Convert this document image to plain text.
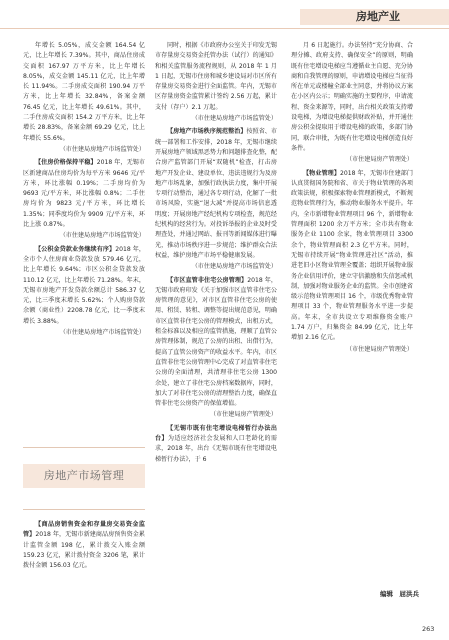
房地产业

年增长 5.05%，成交金额 164.54 亿元，比上年增长 7.39%。其中，商品住房成交面积 167.97 万平方米，比上年增长 8.05%，成交金额 145.11 亿元，比上年增长 11.94%。二手房成交面积 190.94 万平方米，比上年增长 32.84%，备案金额 76.45 亿元，比上年增长 49.61%。其中，二手住房成交面积 154.2 万平方米，比上年增长 28.83%，备案金额 69.29 亿元，比上年增长 55.6%。

（市住建局房地产市场监管处）

【住房价格保持平稳】2018 年，无锡市区新建商品住房均价为每平方米 9646 元/平方米，环比涨幅 0.19%；二手房均价为 9693 元/平方米，环比涨幅 0.8%；二手住房均价为 9823 元/平方米，环比增长 1.35%；同季度均价为 9909 元/平方米，环比上涨 0.87%。

（市住建局房地产市场监管处）

【公积金贷款业务继续有序】2018 年，全市个人住房商业贷款发放 579.46 亿元，比上年增长 9.64%；市区公积金贷款发放 110.12 亿元，比上年增长 71.28%。年末，无锡市房地产开发贷款余额总计 586.37 亿元，比三季度末增长 5.62%；个人购房贷款余额（商业性）2208.78 亿元，比一季度末增长 3.88%。

（市住建局房地产市场监管处）

房地产市场管理

【商品房销售资金和存量房交易资金监管】2018 年，无锡市新建商品房预售资金累计监管金额 198 亿，累计拨交入账金额 159.23 亿元，累计拨付资金 3206 笔，累计拨付金额 156.03 亿元。

同时，根据《市政府办公室关于印发无锡市存量房交易资金托管办法（试行）的通知》和相关监管服务流程规则，从 2018 年 1 月 1 日起，无锡市住房和城乡建设局对市区所有存量房交易资金进行全面监管。年内，无锡市区存量房资金监管累计签约 2.56 万起，累计支付（存户）2.1 万起。

（市住建局房地产市场监管处）

【房地产市场秩序规范整治】按照省、市统一部署和工作安排，2018 年，无锡市继续开展房地产领域黑恶势力和问题排查化整，配合房产监管部门开展“双随机”检查，打击房地产开发企业、建设单位、违法违规行为及房地产市场乱象，加强行政执法力度，集中开展专项行动整治，通过各专项行动，化解了一批市场风险，实施“退大减”并提高市场信息透明度；开展房地产经纪机构专项检查，规范经纪机构的经营行为。对投诉举报的企业及时受理查处，并通过网站、报刊等新闻媒体进行曝光，推动市场秩序进一步规范；维护群众合法权益，维护房地产市场平稳健康发展。

（市住建局房地产市场监管处）

【市区直管非住宅公房管理】2018 年，无锡市政府印发《关于加强市区直管非住宅公房管理的意见》，对市区直管非住宅公房的使用、租赁、转租、调整等提出规范意见，明确市区直管非住宅公房的管理模式，出租方式，租金标准以及相应的监管措施，理顺了直管公房管理体制，规范了公房的出租、出借行为，提高了直管公房资产的收益水平。年内，市区直管非住宅公房管理中心完成了对直管非住宅公房的全面清理，共清理非住宅公房 1300 余处，建立了非住宅公房档案数据库，同时，加大了对非住宅公房的清理整治力度，确保直管非住宅公房资产的保值增值。

（市住建局房产管理处）

【无锡市既有住宅增设电梯暂行办法出台】为适应经济社会发展和人口老龄化的需求，2018 年，出台《无锡市既有住宅增设电梯暂行办法》，于 6

月 6 日起施行。办法坚持“充分协商、合理分摊、政府支持、确保安全”的原则，明确既有住宅增设电梯应当遵循业主自愿、充分协商和自我管理的原则，申请增设电梯应当征得所在单元或楼幢全部业主同意，并将协议方案在小区内公示；明确实施的主要程序，申请流程、资金来源等，同时，出台相关政策支持增设电梯，为增设电梯提供财政补贴，并开通住房公积金提取用于增设电梯的政策，多部门协同，联合审批，为既有住宅增设电梯创造良好条件。

（市住建局房产管理处）

【物业管理】2018 年，无锡市住建部门认真贯彻国务院和省、市关于物业管理的各项政策法规，积极探索物业管理新模式，不断规范物业管理行为，推动物业服务水平提升。年内，全市新增物业管理项目 96 个，新增物业管理面积 1200 余万平方米；全市共有物业服务企业 1100 余家，物业管理项目 3300 余个，物业管理面积 2.3 亿平方米。同时，无锡市持续开展“物业管理进社区”活动，推进老旧小区物业管理全覆盖；组织开展物业服务企业信用评价，建立守信激励和失信惩戒机制，加强对物业服务企业的监管。全市创建省级示范物业管理项目 16 个，市级优秀物业管理项目 33 个，物业管理服务水平进一步提高。年末，全市共设立专项维修资金账户 1.74 万户，归集资金 84.99 亿元，比上年增加 2.16 亿元。

（市住建局房产管理处）

编辑　屈洪兵
263
